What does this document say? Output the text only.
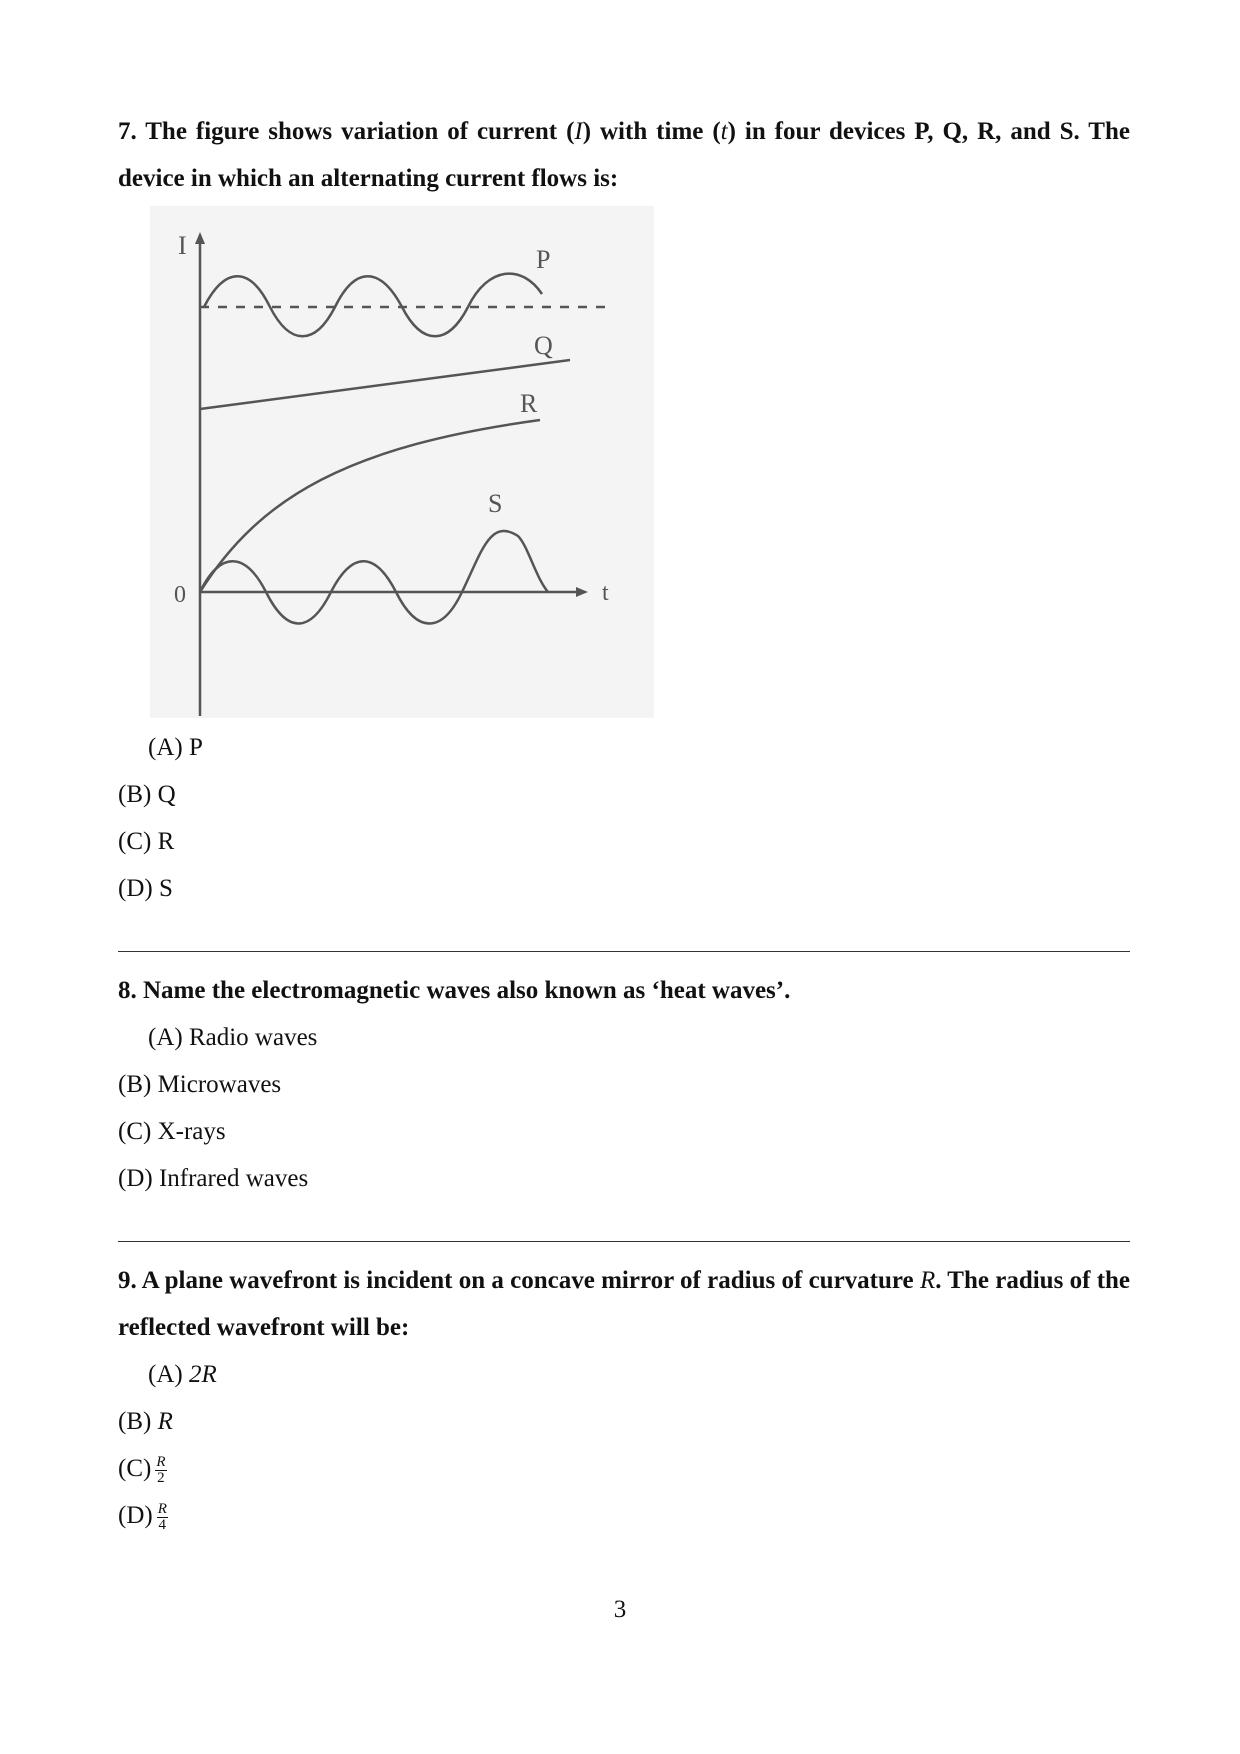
7. The figure shows variation of current (I) with time (t) in four devices P, Q, R, and S. The device in which an alternating current flows is:

I
t
0
P
Q
R
S

(A) P

(B) Q

(C) R

(D) S

8. Name the electromagnetic waves also known as ‘heat waves’.

(A) Radio waves

(B) Microwaves

(C) X-rays

(D) Infrared waves

9. A plane wavefront is incident on a concave mirror of radius of curvature R. The radius of the reflected wavefront will be:

(A) 2R

(B) R

$(C) \frac{R}{2}$

$(D) \frac{R}{4}$

3
